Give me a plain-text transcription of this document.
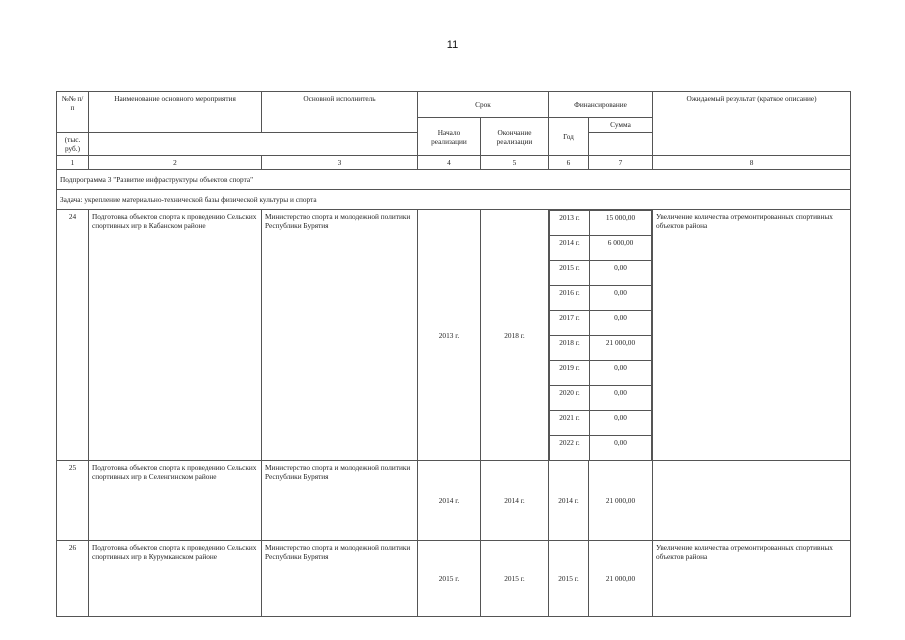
11
№№ п/п	Наименование основного мероприятия	Основной исполнитель	Срок	Финансирование	Ожидаемый результат (краткое описание)
Начало реализации	Окончание реализации	Год	Сумма
(тыс. руб.)
1	2	3	4	5	6	7	8
Подпрограмма 3 "Развитие инфраструктуры объектов спорта"
Задача: укрепление материально-технической базы физической культуры и спорта
24	Подготовка объектов спорта к проведению Сельских спортивных игр в Кабанском районе	Министерство спорта и молодежной политики Республики Бурятия	2013 г.	2018 г.	
2013 г.	15 000,00
2014 г.	6 000,00
2015 г.	0,00
2016 г.	0,00
2017 г.	0,00
2018 г.	21 000,00
2019 г.	0,00
2020 г.	0,00
2021 г.	0,00
2022 г.	0,00
	Увеличение количества отремонтированных спортивных объектов района
25	Подготовка объектов спорта к проведению Сельских спортивных игр в Селенгинском районе	Министерство спорта и молодежной политики Республики Бурятия	2014 г.	2014 г.	2014 г.	21 000,00	
26	Подготовка объектов спорта к проведению Сельских спортивных игр в Курумканском районе	Министерство спорта и молодежной политики Республики Бурятия	2015 г.	2015 г.	2015 г.	21 000,00	Увеличение количества отремонтированных спортивных объектов района
